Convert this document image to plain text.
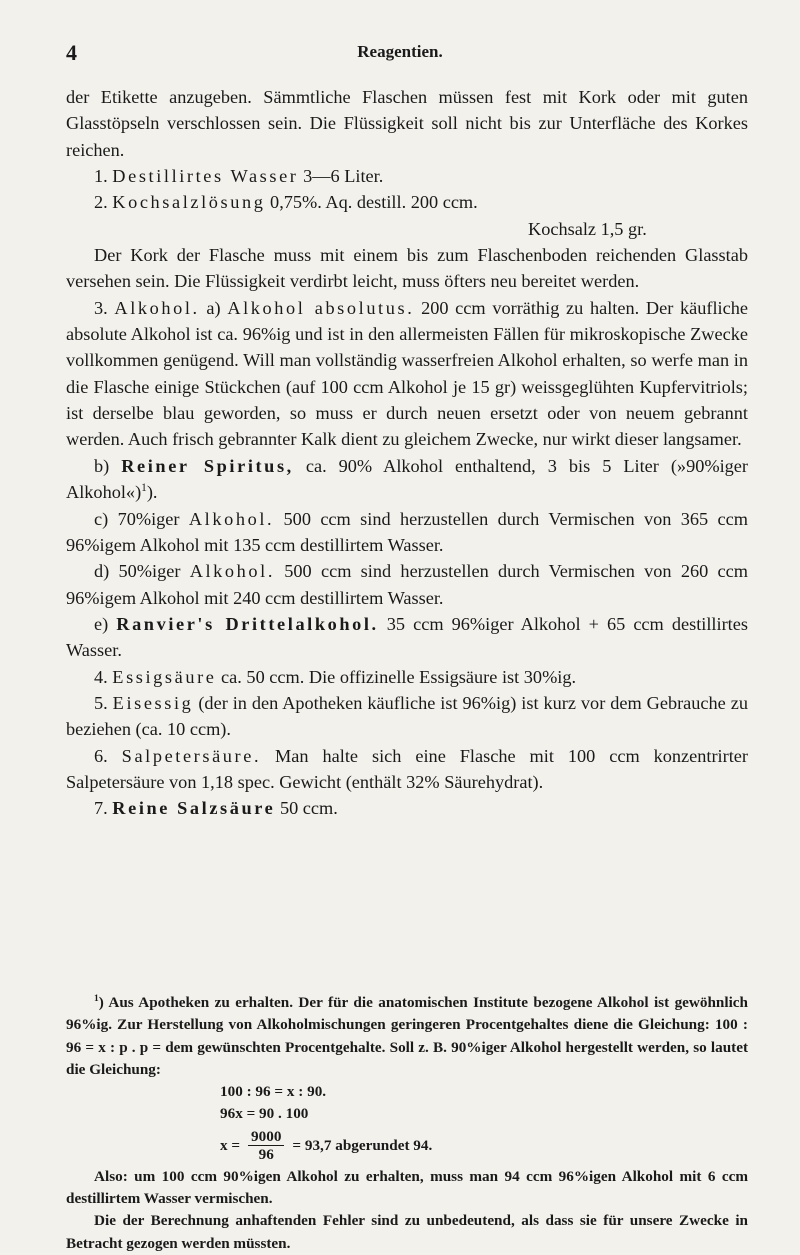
4	Reagentien.

der Etikette anzugeben. Sämmtliche Flaschen müssen fest mit Kork oder mit guten Glasstöpseln verschlossen sein. Die Flüssigkeit soll nicht bis zur Unterfläche des Korkes reichen.

1. Destillirtes Wasser 3—6 Liter.

2. Kochsalzlösung 0,75%. Aq. destill. 200 ccm.

Kochsalz 1,5 gr.

Der Kork der Flasche muss mit einem bis zum Flaschenboden reichenden Glasstab versehen sein. Die Flüssigkeit verdirbt leicht, muss öfters neu bereitet werden.

3. Alkohol. a) Alkohol absolutus. 200 ccm vorräthig zu halten. Der käufliche absolute Alkohol ist ca. 96%ig und ist in den allermeisten Fällen für mikroskopische Zwecke vollkommen genügend. Will man vollständig wasserfreien Alkohol erhalten, so werfe man in die Flasche einige Stückchen (auf 100 ccm Alkohol je 15 gr) weissgeglühten Kupfervitriols; ist derselbe blau geworden, so muss er durch neuen ersetzt oder von neuem gebrannt werden. Auch frisch gebrannter Kalk dient zu gleichem Zwecke, nur wirkt dieser langsamer.

b) Reiner Spiritus, ca. 90% Alkohol enthaltend, 3 bis 5 Liter (»90%iger Alkohol«)$^1$).

c) 70%iger Alkohol. 500 ccm sind herzustellen durch Vermischen von 365 ccm 96%igem Alkohol mit 135 ccm destillirtem Wasser.

d) 50%iger Alkohol. 500 ccm sind herzustellen durch Vermischen von 260 ccm 96%igem Alkohol mit 240 ccm destillirtem Wasser.

e) Ranvier's Drittelalkohol. 35 ccm 96%iger Alkohol + 65 ccm destillirtes Wasser.

4. Essigsäure ca. 50 ccm. Die offizinelle Essigsäure ist 30%ig.

5. Eisessig (der in den Apotheken käufliche ist 96%ig) ist kurz vor dem Gebrauche zu beziehen (ca. 10 ccm).

6. Salpetersäure. Man halte sich eine Flasche mit 100 ccm konzentrirter Salpetersäure von 1,18 spec. Gewicht (enthält 32% Säurehydrat).

7. Reine Salzsäure 50 ccm.

$^1$) Aus Apotheken zu erhalten. Der für die anatomischen Institute bezogene Alkohol ist gewöhnlich 96%ig. Zur Herstellung von Alkoholmischungen geringeren Procentgehaltes diene die Gleichung: 100 : 96 = x : p . p = dem gewünschten Procentgehalte. Soll z. B. 90%iger Alkohol hergestellt werden, so lautet die Gleichung:

100 : 96 = x : 90.

96x = 90 . 100

$x = \frac{9000}{96} = 93,7$ abgerundet 94.

Also: um 100 ccm 90%igen Alkohol zu erhalten, muss man 94 ccm 96%igen Alkohol mit 6 ccm destillirtem Wasser vermischen.

Die der Berechnung anhaftenden Fehler sind zu unbedeutend, als dass sie für unsere Zwecke in Betracht gezogen werden müssten.
